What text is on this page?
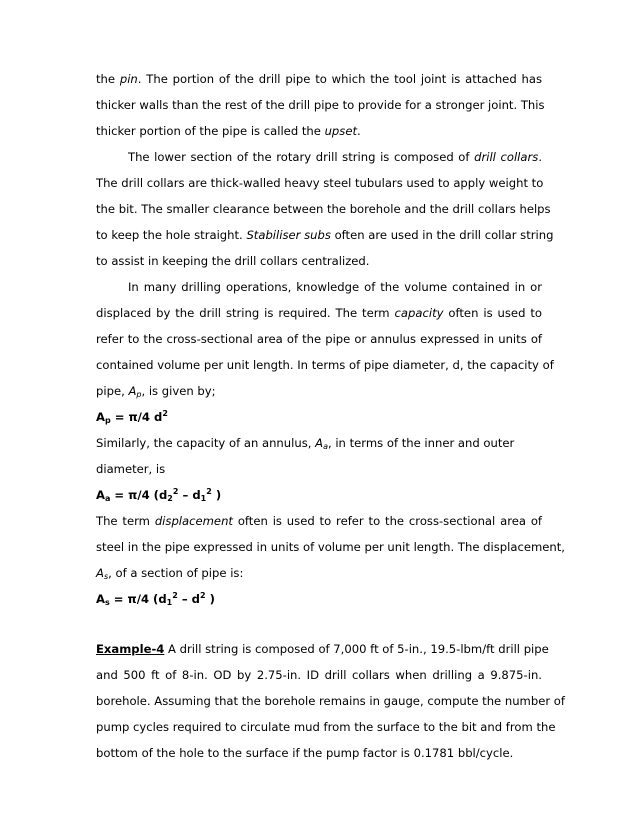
the pin. The portion of the drill pipe to which the tool joint is attached has
thicker walls than the rest of the drill pipe to provide for a stronger joint. This
thicker portion of the pipe is called the upset.
The lower section of the rotary drill string is composed of drill collars.
The drill collars are thick-walled heavy steel tubulars used to apply weight to
the bit. The smaller clearance between the borehole and the drill collars helps
to keep the hole straight. Stabiliser subs often are used in the drill collar string
to assist in keeping the drill collars centralized.
In many drilling operations, knowledge of the volume contained in or
displaced by the drill string is required. The term capacity often is used to
refer to the cross-sectional area of the pipe or annulus expressed in units of
contained volume per unit length. In terms of pipe diameter, d, the capacity of
pipe, $A_p$, is given by;
$A_p = \pi/4$ $d^2$
Similarly, the capacity of an annulus, $A_a$, in terms of the inner and outer
diameter, is
$A_a = \pi/4$ ($d_2^2 - d_1^2$ )
The term displacement often is used to refer to the cross-sectional area of
steel in the pipe expressed in units of volume per unit length. The displacement,
$A_s$, of a section of pipe is:
$A_s = \pi/4$ ($d_1^2 - d^2$ )
Example-4 A drill string is composed of 7,000 ft of 5-in., 19.5-lbm/ft drill pipe
and 500 ft of 8-in. OD by 2.75-in. ID drill collars when drilling a 9.875-in.
borehole. Assuming that the borehole remains in gauge, compute the number of
pump cycles required to circulate mud from the surface to the bit and from the
bottom of the hole to the surface if the pump factor is 0.1781 bbl/cycle.
